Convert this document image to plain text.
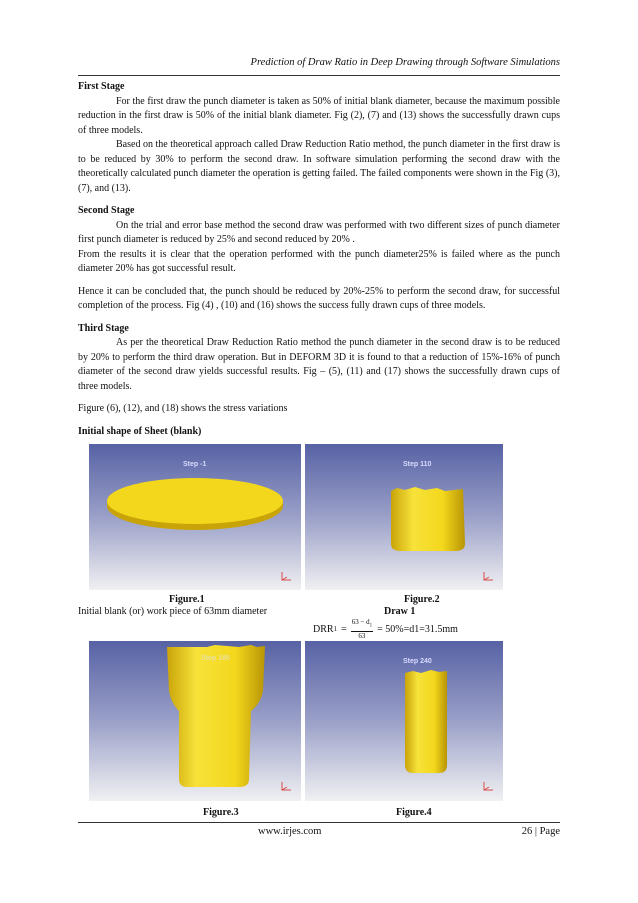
Prediction of Draw Ratio in Deep Drawing through Software Simulations
First Stage

For the first draw the punch diameter is taken as 50% of initial blank diameter, because the maximum possible reduction in the first draw is 50% of the initial blank diameter. Fig (2), (7) and (13) shows the successfully drawn cups of three models.

Based on the theoretical approach called Draw Reduction Ratio method, the punch diameter in the first draw is to be reduced by 30% to perform the second draw. In software simulation performing the second draw with the theoretically calculated punch diameter the operation is getting failed. The failed components were shown in the Fig (3), (7), and (13).

Second Stage

On the trial and error base method the second draw was performed with two different sizes of punch diameter first punch diameter is reduced by 25% and second reduced by 20% .

From the results it is clear that the operation performed with the punch diameter25% is failed where as the punch diameter 20% has got successful result.

Hence it can be concluded that, the punch should be reduced by 20%-25% to perform the second draw, for successful completion of the process. Fig (4) , (10) and (16) shows the success fully drawn cups of three models.

Third Stage

As per the theoretical Draw Reduction Ratio method the punch diameter in the second draw is to be reduced by 20% to perform the third draw operation. But in DEFORM 3D it is found to that a reduction of 15%-16% of punch diameter of the second draw yields successful results. Fig – (5), (11) and (17) shows the successfully drawn cups of three models.

Figure (6), (12), and (18) shows the stress variations

Initial shape of Sheet (blank)
Step -1	Step 110
Figure.1	Figure.2
Initial blank (or) work piece of 63mm diameter	Draw 1
DRR $1 = \frac{63 - d_1}{63} = 50\%=d1=31.5mm$
Step 180	Step 240
Figure.3	Figure.4
www.irjes.com	26 | Page
